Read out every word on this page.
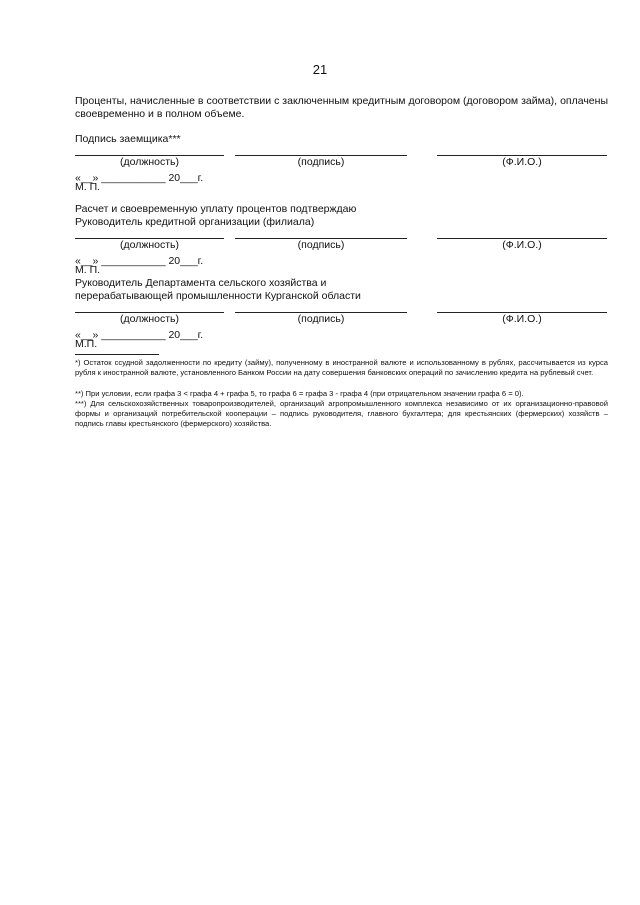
21
Проценты, начисленные в соответствии с заключенным кредитным договором (договором займа), оплачены своевременно и в полном объеме.
Подпись заемщика***
(должность)	(подпись)	(Ф.И.О.)
«__» ___________ 20___г.
М. П.
Расчет и своевременную уплату процентов подтверждаю
Руководитель кредитной организации (филиала)
(должность)	(подпись)	(Ф.И.О.)
«__» ___________ 20___г.
М. П.
Руководитель Департамента сельского хозяйства и
перерабатывающей промышленности Курганской области
(должность)	(подпись)	(Ф.И.О.)
«__» ___________ 20___г.
М.П.
*) Остаток ссудной задолженности по кредиту (займу), полученному в иностранной валюте и использованному в рублях, рассчитывается из курса рубля к иностранной валюте, установленного Банком России на дату совершения банковских операций по зачислению кредита на рублевый счет.
**) При условии, если графа 3 < графа 4 + графа 5, то графа 6 = графа 3 - графа 4 (при отрицательном значении графа 6 = 0).
***) Для сельскохозяйственных товаропроизводителей, организаций агропромышленного комплекса независимо от их организационно-правовой формы и организаций потребительской кооперации – подпись руководителя, главного бухгалтера; для крестьянских (фермерских) хозяйств – подпись главы крестьянского (фермерского) хозяйства.
